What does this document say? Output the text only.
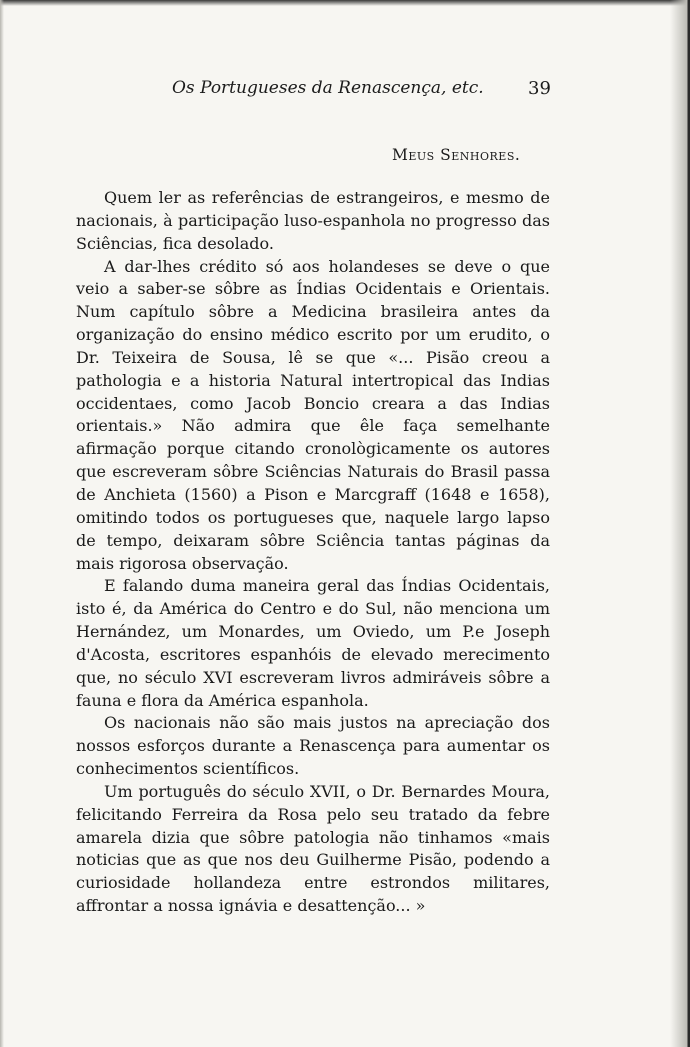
Os Portugueses da Renascença, etc. 39
Meus Senhores.

Quem ler as referências de estrangeiros, e mesmo de nacionais, à participação luso-espanhola no progresso das Sciências, fica desolado.

A dar-lhes crédito só aos holandeses se deve o que veio a saber-se sôbre as Índias Ocidentais e Orientais. Num capítulo sôbre a Medicina brasileira antes da organização do ensino médico escrito por um erudito, o Dr. Teixeira de Sousa, lê se que «... Pisão creou a pathologia e a historia Natural intertropical das Indias occidentaes, como Jacob Boncio creara a das Indias orientais.» Não admira que êle faça semelhante afirmação porque citando cronològicamente os autores que escreveram sôbre Sciências Naturais do Brasil passa de Anchieta (1560) a Pison e Marcgraff (1648 e 1658), omitindo todos os portugueses que, naquele largo lapso de tempo, deixaram sôbre Sciência tantas páginas da mais rigorosa observação.

E falando duma maneira geral das Índias Ocidentais, isto é, da América do Centro e do Sul, não menciona um Hernández, um Monardes, um Oviedo, um P.e Joseph d'Acosta, escritores espanhóis de elevado merecimento que, no século XVI escreveram livros admiráveis sôbre a fauna e flora da América espanhola.

Os nacionais não são mais justos na apreciação dos nossos esforços durante a Renascença para aumentar os conhecimentos scientíficos.

Um português do século XVII, o Dr. Bernardes Moura, felicitando Ferreira da Rosa pelo seu tratado da febre amarela dizia que sôbre patologia não tinhamos «mais noticias que as que nos deu Guilherme Pisão, podendo a curiosidade hollandeza entre estrondos militares, affrontar a nossa ignávia e desattenção... »
